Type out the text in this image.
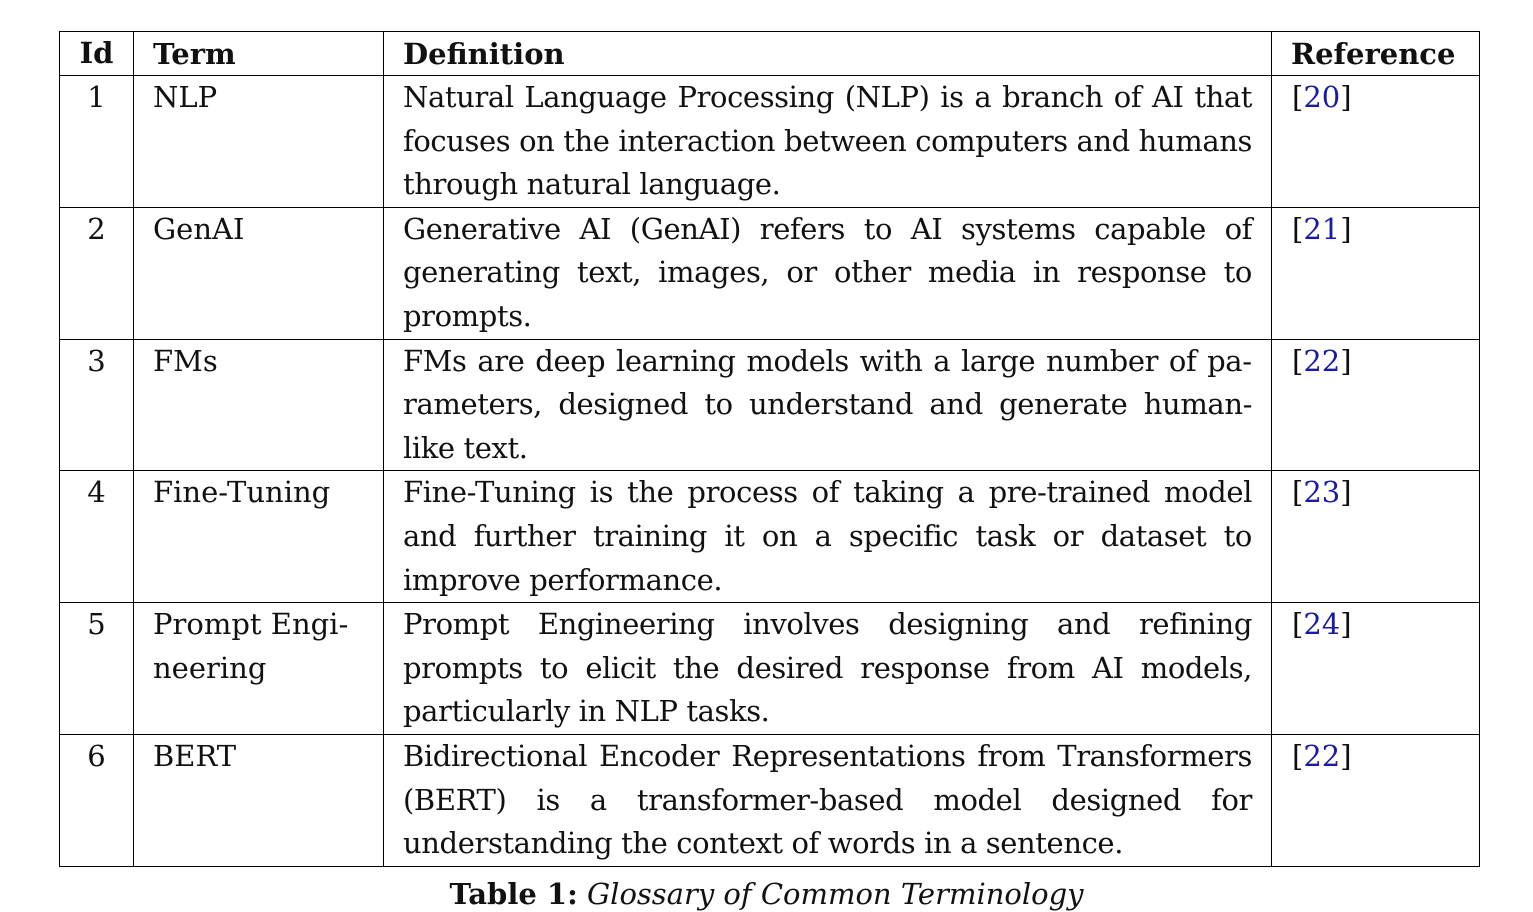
Id	Term	Definition	Reference
1	NLP	Natural Language Processing (NLP) is a branch of AI that focuses on the interaction between computers and humans through natural language.	[20]
2	GenAI	Generative AI (GenAI) refers to AI systems capable of generating text, images, or other media in response to prompts.	[21]
3	FMs	FMs are deep learning models with a large number of parameters, designed to understand and generate human-like text.	[22]
4	Fine-Tuning	Fine-Tuning is the process of taking a pre-trained model and further training it on a specific task or dataset to improve performance.	[23]
5	Prompt Engineering	Prompt Engineering involves designing and refining prompts to elicit the desired response from AI models, particularly in NLP tasks.	[24]
6	BERT	Bidirectional Encoder Representations from Transformers (BERT) is a transformer-based model designed for understanding the context of words in a sentence.	[22]
Table 1: Glossary of Common Terminology
